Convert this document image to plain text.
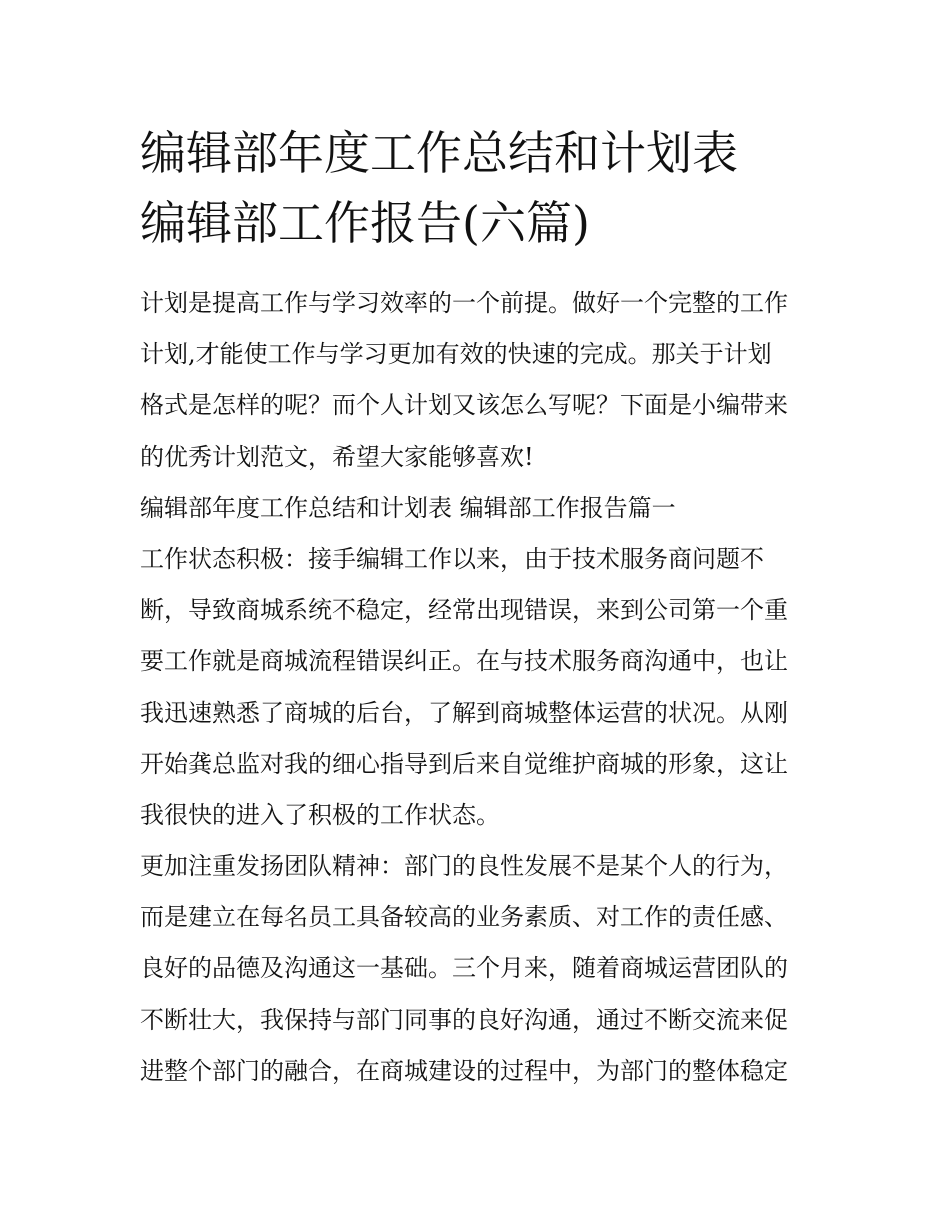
编辑部年度工作总结和计划表
编辑部工作报告(六篇)
计划是提高工作与学习效率的一个前提。做好一个完整的工作
计划,才能使工作与学习更加有效的快速的完成。那关于计划
格式是怎样的呢？而个人计划又该怎么写呢？下面是小编带来
的优秀计划范文，希望大家能够喜欢!
编辑部年度工作总结和计划表 编辑部工作报告篇一
工作状态积极：接手编辑工作以来，由于技术服务商问题不
断，导致商城系统不稳定，经常出现错误，来到公司第一个重
要工作就是商城流程错误纠正。在与技术服务商沟通中，也让
我迅速熟悉了商城的后台，了解到商城整体运营的状况。从刚
开始龚总监对我的细心指导到后来自觉维护商城的形象，这让
我很快的进入了积极的工作状态。
更加注重发扬团队精神：部门的良性发展不是某个人的行为，
而是建立在每名员工具备较高的业务素质、对工作的责任感、
良好的品德及沟通这一基础。三个月来，随着商城运营团队的
不断壮大，我保持与部门同事的良好沟通，通过不断交流来促
进整个部门的融合，在商城建设的过程中，为部门的整体稳定
